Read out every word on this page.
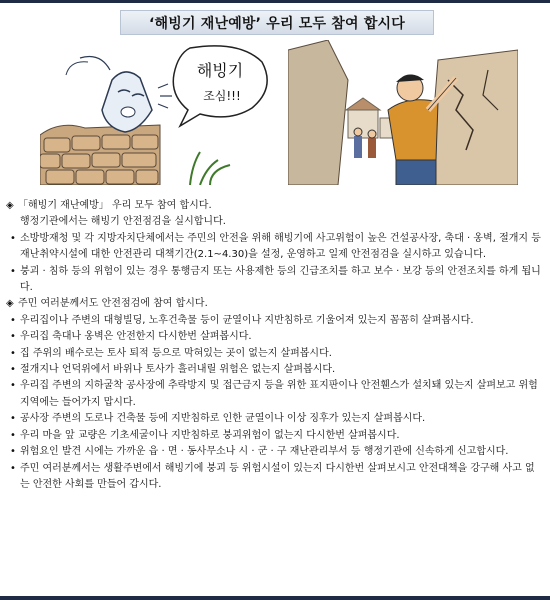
‘해빙기 재난예방’ 우리 모두 참여 합시다
해빙기
조심!!!
◈ 「해빙기 재난예방」 우리 모두 참여 합시다.
행정기관에서는 해빙기 안전점검을 실시합니다.
• 소방방재청 및 각 지방자치단체에서는 주민의 안전을 위해 해빙기에 사고위험이 높은 건설공사장, 축대 · 옹벽, 절개지 등 재난취약시설에 대한 안전관리 대책기간(2.1~4.30)을 설정, 운영하고 일제 안전점검을 실시하고 있습니다.
• 붕괴 · 침하 등의 위험이 있는 경우 통행금지 또는 사용제한 등의 긴급조치를 하고 보수 · 보강 등의 안전조치를 하게 됩니다.
◈ 주민 여러분께서도 안전점검에 참여 합시다.
• 우리집이나 주변의 대형빌딩, 노후건축물 등이 균열이나 지반침하로 기울어져 있는지 꼼꼼히 살펴봅시다.
• 우리집 축대나 옹벽은 안전한지 다시한번 살펴봅시다.
• 집 주위의 배수로는 토사 퇴적 등으로 막혀있는 곳이 없는지 살펴봅시다.
• 절개지나 언덕위에서 바위나 토사가 흘러내릴 위험은 없는지 살펴봅시다.
• 우리집 주변의 지하굴착 공사장에 추락방지 및 접근금지 등을 위한 표지판이나 안전휀스가 설치돼 있는지 살펴보고 위험지역에는 들어가지 맙시다.
• 공사장 주변의 도로나 건축물 등에 지반침하로 인한 균열이나 이상 징후가 있는지 살펴봅시다.
• 우리 마을 앞 교량은 기초세굴이나 지반침하로 붕괴위험이 없는지 다시한번 살펴봅시다.
• 위험요인 발견 시에는 가까운 읍 · 면 · 동사무소나 시 · 군 · 구 재난관리부서 등 행정기관에 신속하게 신고합시다.
• 주민 여러분께서는 생활주변에서 해빙기에 붕괴 등 위험시설이 있는지 다시한번 살펴보시고 안전대책을 강구해 사고 없는 안전한 사회를 만들어 갑시다.
